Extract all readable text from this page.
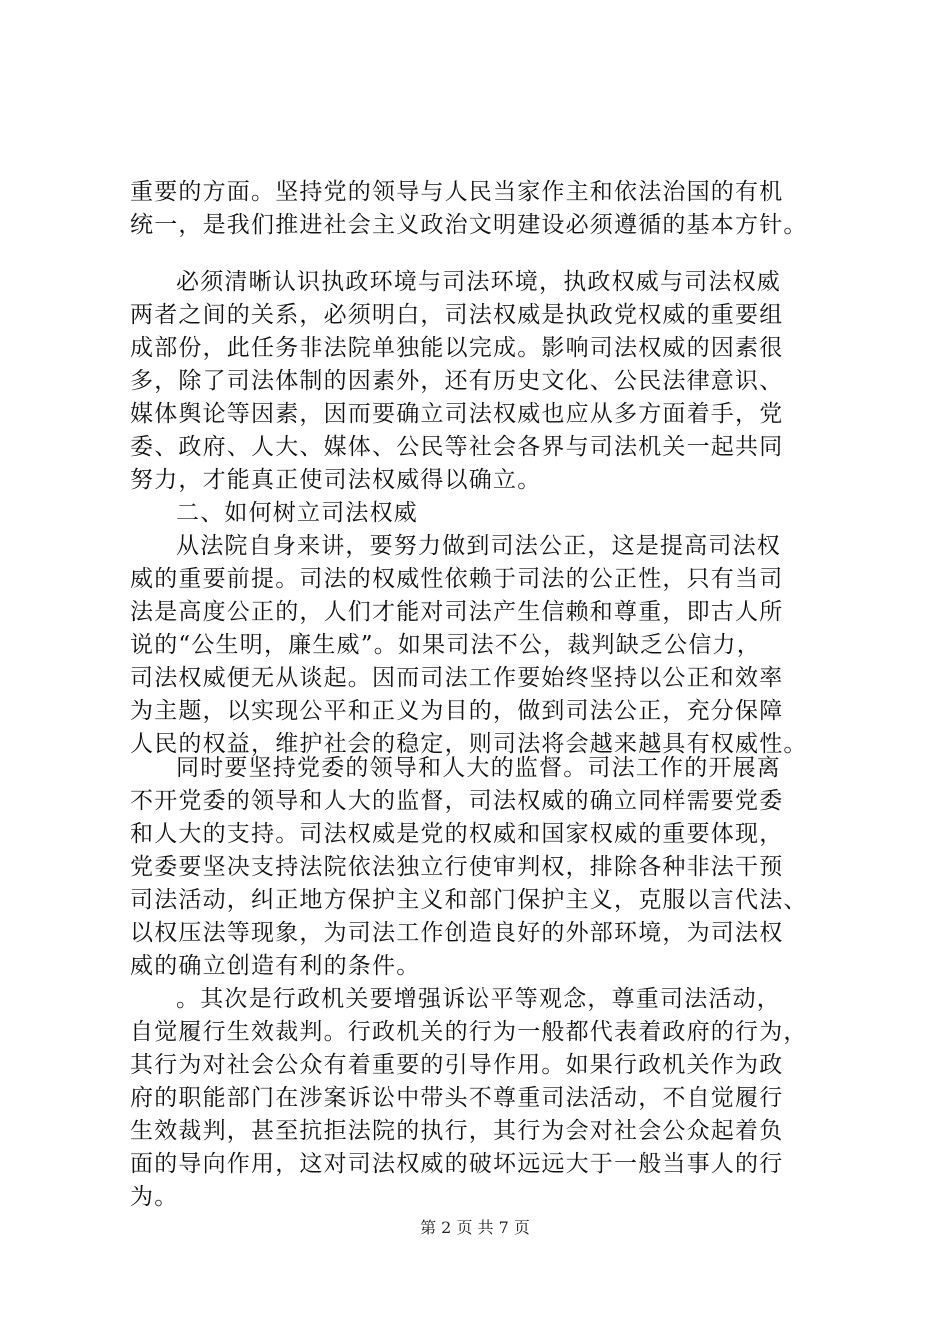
重要的方面。坚持党的领导与人民当家作主和依法治国的有机
统一，是我们推进社会主义政治文明建设必须遵循的基本方针。
必须清晰认识执政环境与司法环境，执政权威与司法权威
两者之间的关系，必须明白，司法权威是执政党权威的重要组
成部份，此任务非法院单独能以完成。影响司法权威的因素很
多，除了司法体制的因素外，还有历史文化、公民法律意识、
媒体舆论等因素，因而要确立司法权威也应从多方面着手，党
委、政府、人大、媒体、公民等社会各界与司法机关一起共同
努力，才能真正使司法权威得以确立。
二、如何树立司法权威
从法院自身来讲，要努力做到司法公正，这是提高司法权
威的重要前提。司法的权威性依赖于司法的公正性，只有当司
法是高度公正的，人们才能对司法产生信赖和尊重，即古人所
说的“公生明，廉生威”。如果司法不公，裁判缺乏公信力，
司法权威便无从谈起。因而司法工作要始终坚持以公正和效率
为主题，以实现公平和正义为目的，做到司法公正，充分保障
人民的权益，维护社会的稳定，则司法将会越来越具有权威性。
同时要坚持党委的领导和人大的监督。司法工作的开展离
不开党委的领导和人大的监督，司法权威的确立同样需要党委
和人大的支持。司法权威是党的权威和国家权威的重要体现，
党委要坚决支持法院依法独立行使审判权，排除各种非法干预
司法活动，纠正地方保护主义和部门保护主义，克服以言代法、
以权压法等现象，为司法工作创造良好的外部环境，为司法权
威的确立创造有利的条件。
。其次是行政机关要增强诉讼平等观念，尊重司法活动，
自觉履行生效裁判。行政机关的行为一般都代表着政府的行为，
其行为对社会公众有着重要的引导作用。如果行政机关作为政
府的职能部门在涉案诉讼中带头不尊重司法活动，不自觉履行
生效裁判，甚至抗拒法院的执行，其行为会对社会公众起着负
面的导向作用，这对司法权威的破坏远远大于一般当事人的行
为。
第 2 页 共 7 页
